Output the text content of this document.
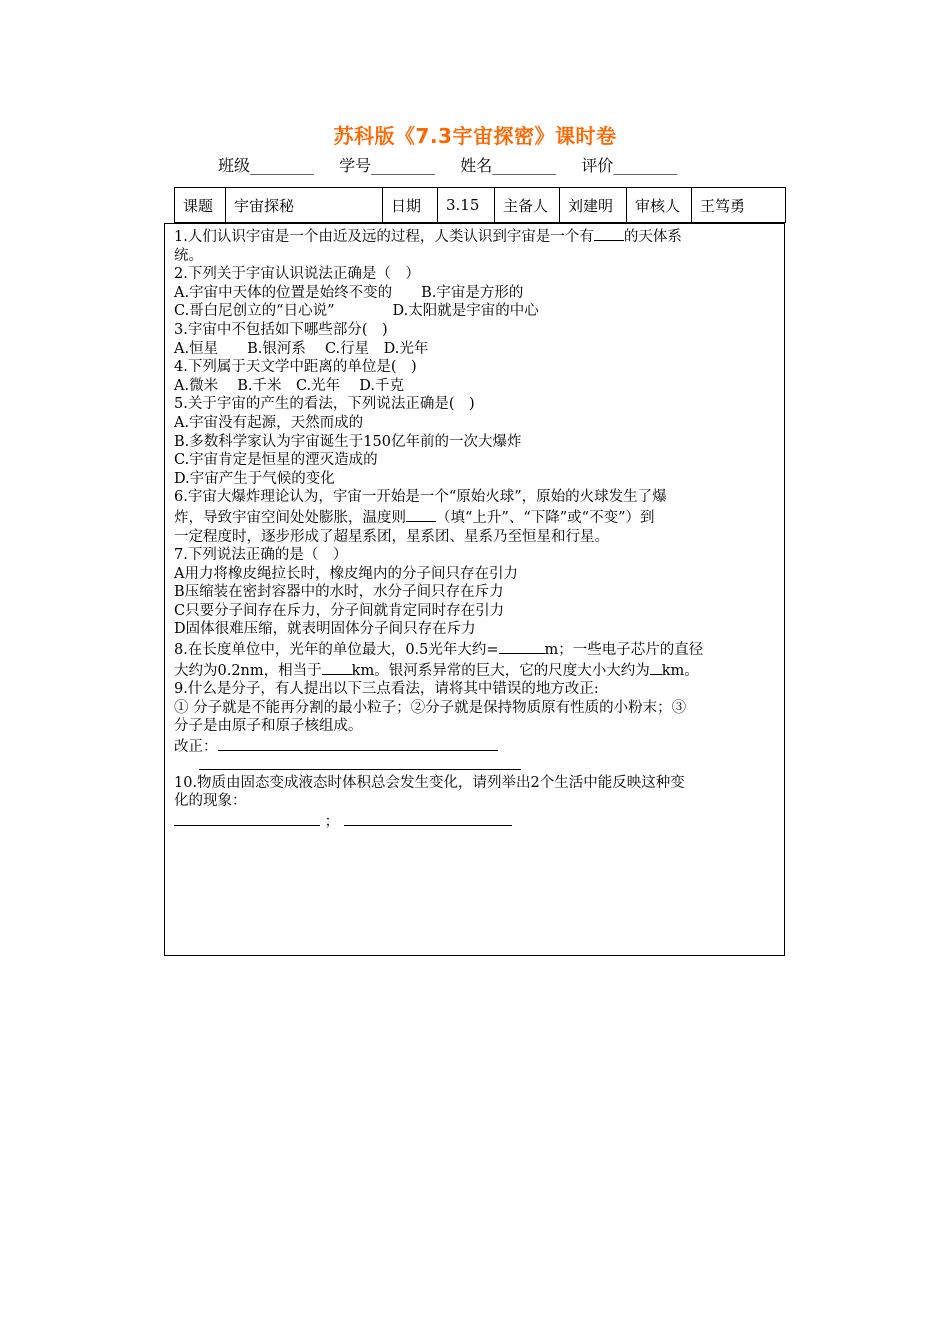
苏科版《7.3宇宙探密》课时卷
班级________ 学号________ 姓名________ 评价________
课题	宇宙探秘	日期	3.15	主备人	刘建明	审核人	王笃勇

1.人们认识宇宙是一个由近及远的过程，人类认识到宇宙是一个有 的天体系

统。

2.下列关于宇宙认识说法正确是（　）

A.宇宙中天体的位置是始终不变的　　B.宇宙是方形的

C.哥白尼创立的“日心说”　　　　D.太阳就是宇宙的中心

3.宇宙中不包括如下哪些部分(　)

A.恒星　　B.银河系　 C.行星　D.光年

4.下列属于天文学中距离的单位是(　)

A.微米　 B.千米　C.光年　 D.千克

5.关于宇宙的产生的看法，下列说法正确是(　)

A.宇宙没有起源，天然而成的

B.多数科学家认为宇宙诞生于150亿年前的一次大爆炸

C.宇宙肯定是恒星的湮灭造成的

D.宇宙产生于气候的变化

6.宇宙大爆炸理论认为，宇宙一开始是一个“原始火球”，原始的火球发生了爆

炸，导致宇宙空间处处膨胀，温度则 （填“上升”、“下降”或“不变”）到

一定程度时，逐步形成了超星系团，星系团、星系乃至恒星和行星。

7.下列说法正确的是（　）

A用力将橡皮绳拉长时，橡皮绳内的分子间只存在引力

B压缩装在密封容器中的水时，水分子间只存在斥力

C只要分子间存在斥力，分子间就肯定同时存在引力

D固体很难压缩，就表明固体分子间只存在斥力

8.在长度单位中，光年的单位最大，0.5光年大约=	m；一些电子芯片的直径

大约为0.2nm，相当于 km。银河系异常的巨大，它的尺度大小大约为 km。

9.什么是分子，有人提出以下三点看法，请将其中错误的地方改正:

① 分子就是不能再分割的最小粒子；②分子就是保持物质原有性质的小粉末；③

分子是由原子和原子核组成。

改正：

10.物质由固态变成液态时体积总会发生变化，请列举出2个生活中能反映这种变

化的现象：

；
